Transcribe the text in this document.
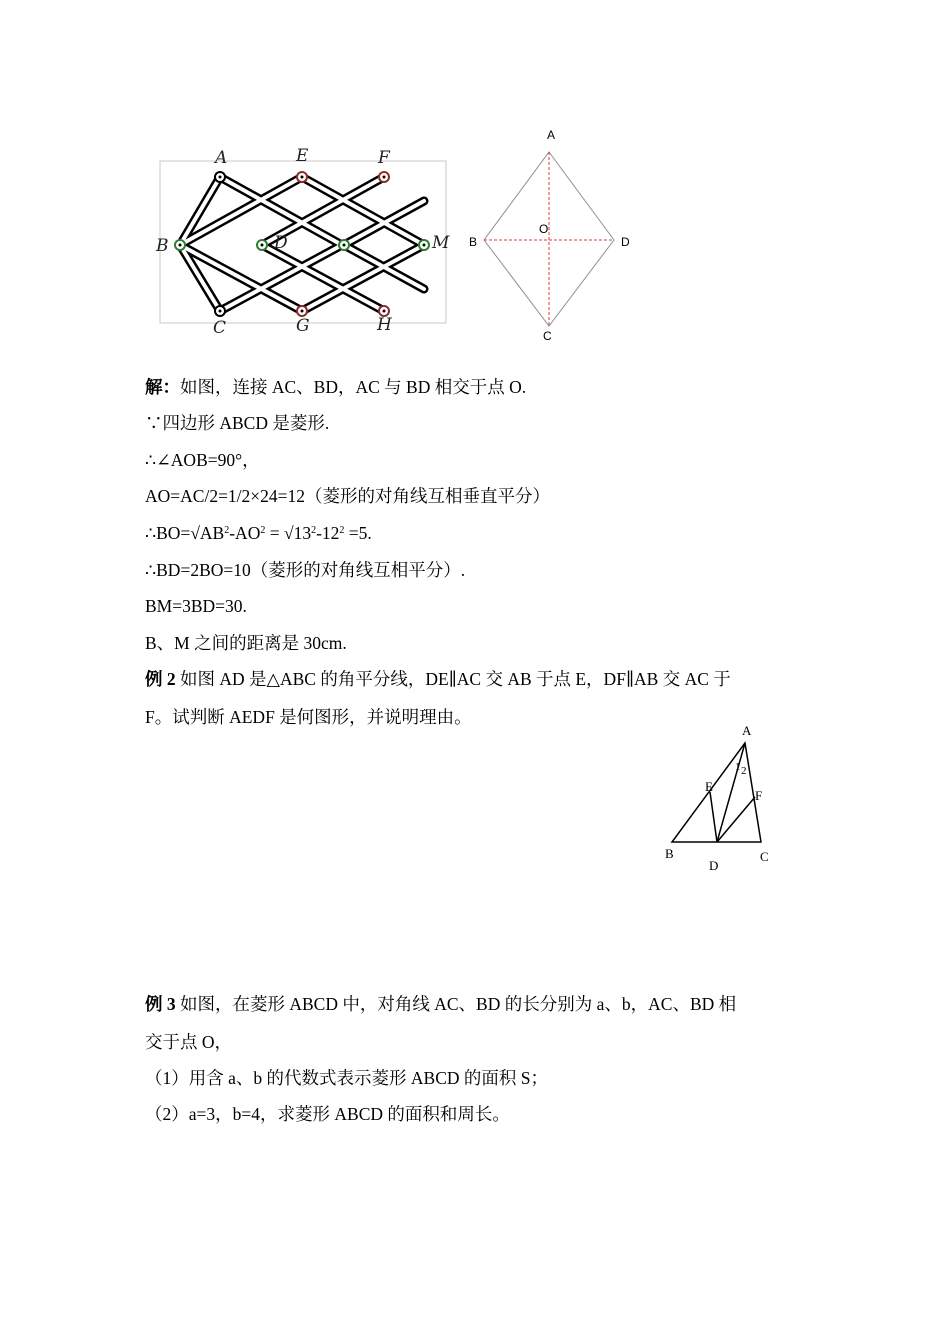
A	E	F
B	D	M
C	G	H
A
B
O
D
C
解：如图，连接 AC、BD，AC 与 BD 相交于点 O.
∵四边形 ABCD 是菱形.
∴∠AOB=90°，
AO=AC/2=1/2×24=12（菱形的对角线互相垂直平分）
$\therefore BO=√AB^2-AO^2 = √13^2-12^2 =5$.
∴BD=2BO=10（菱形的对角线互相平分）.
BM=3BD=30.
B、M 之间的距离是 30cm.
例 2 如图 AD 是△ABC 的角平分线，DE∥AC 交 AB 于点 E，DF∥AB 交 AC 于
F。试判断 AEDF 是何图形，并说明理由。
A
E
1 2
F
B
D
C
例 3 如图，在菱形 ABCD 中，对角线 AC、BD 的长分别为 a、b，AC、BD 相
交于点 O，
（1）用含 a、b 的代数式表示菱形 ABCD 的面积 S；
（2）a=3，b=4，求菱形 ABCD 的面积和周长。
